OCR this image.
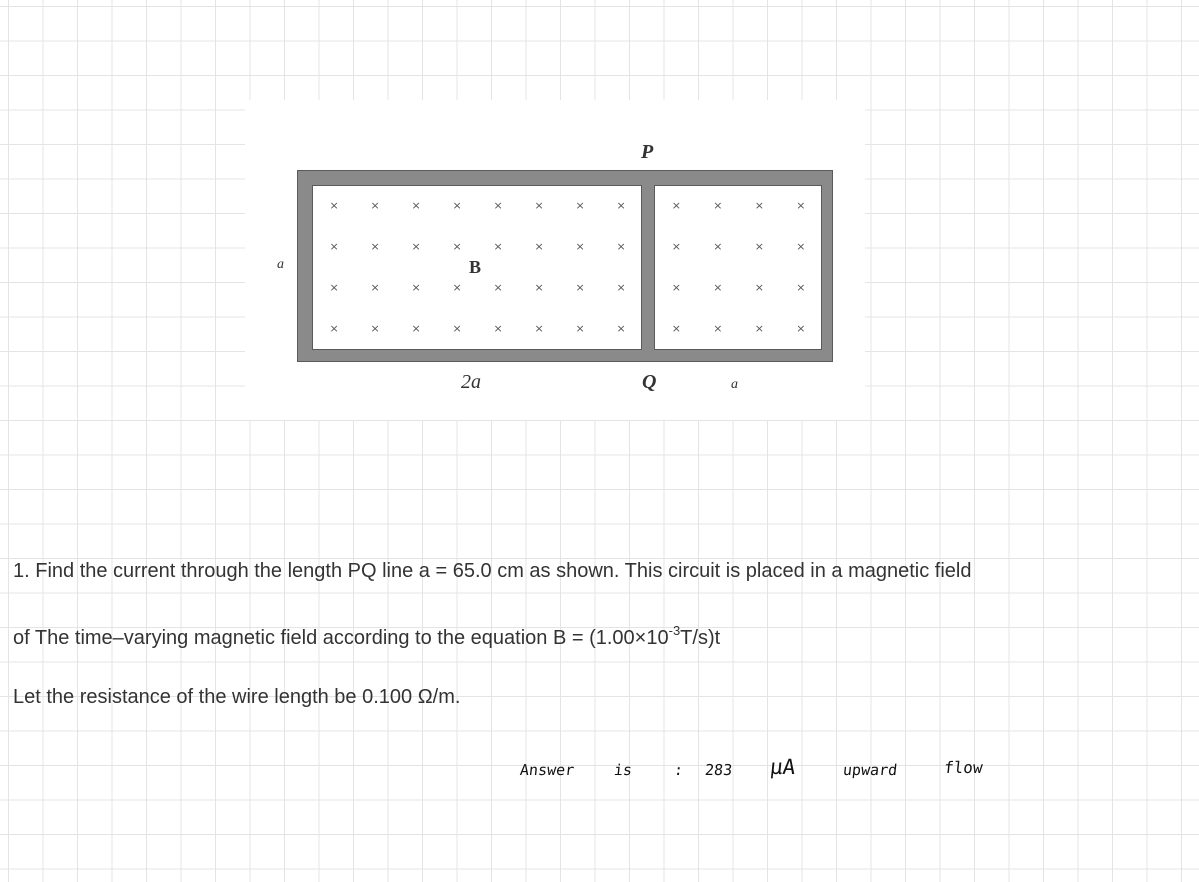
P
a
×
×
×
×
×
×
×
×
×
×
×
×
×
×
×
×
×
×
×
×
×
×
×
×
×
×
×
×
×
×
×
×
B
×
×
×
×
×
×
×
×
×
×
×
×
×
×
×
×
2a	Q	a
1. Find the current through the length PQ line a = 65.0 cm as shown. This circuit is placed in a magnetic field
of The time–varying magnetic field according to the equation $B = (1.00\times 10^{-3}T/s)t$
Let the resistance of the wire length be 0.100 Ω/m.
Answer	is	: 283 μA	upward	flow
